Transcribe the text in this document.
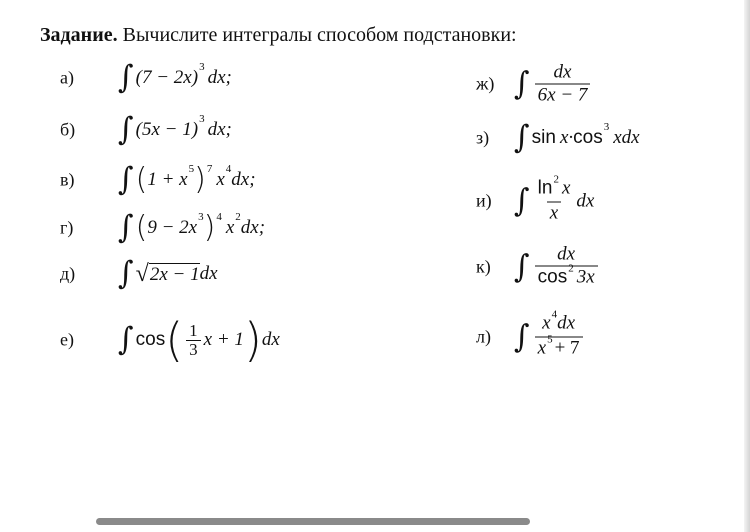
Задание. Вычислите интегралы способом подстановки:
а) ∫ (7 − 2x) 3 dx;
б) ∫ (5x − 1) 3 dx;
в) ∫ ( 1 + x 5 ) 7 x 4 dx;
г) ∫ ( 9 − 2x 3 ) 4 x 2 dx;
д) ∫ √ 2x − 1 dx
е) ∫ cos ( $\frac{1}{3}$ x + 1 ) dx
ж) ∫ $\frac{dx}{6x - 7}$
з) ∫ sin x· cos 3 xdx
и) ∫ $\frac{\ln^2 x}{x}$ dx
к) ∫ $\frac{dx}{\cos^2 3x}$
л) ∫ $\frac{x^4dx}{x^5 + 7}$
